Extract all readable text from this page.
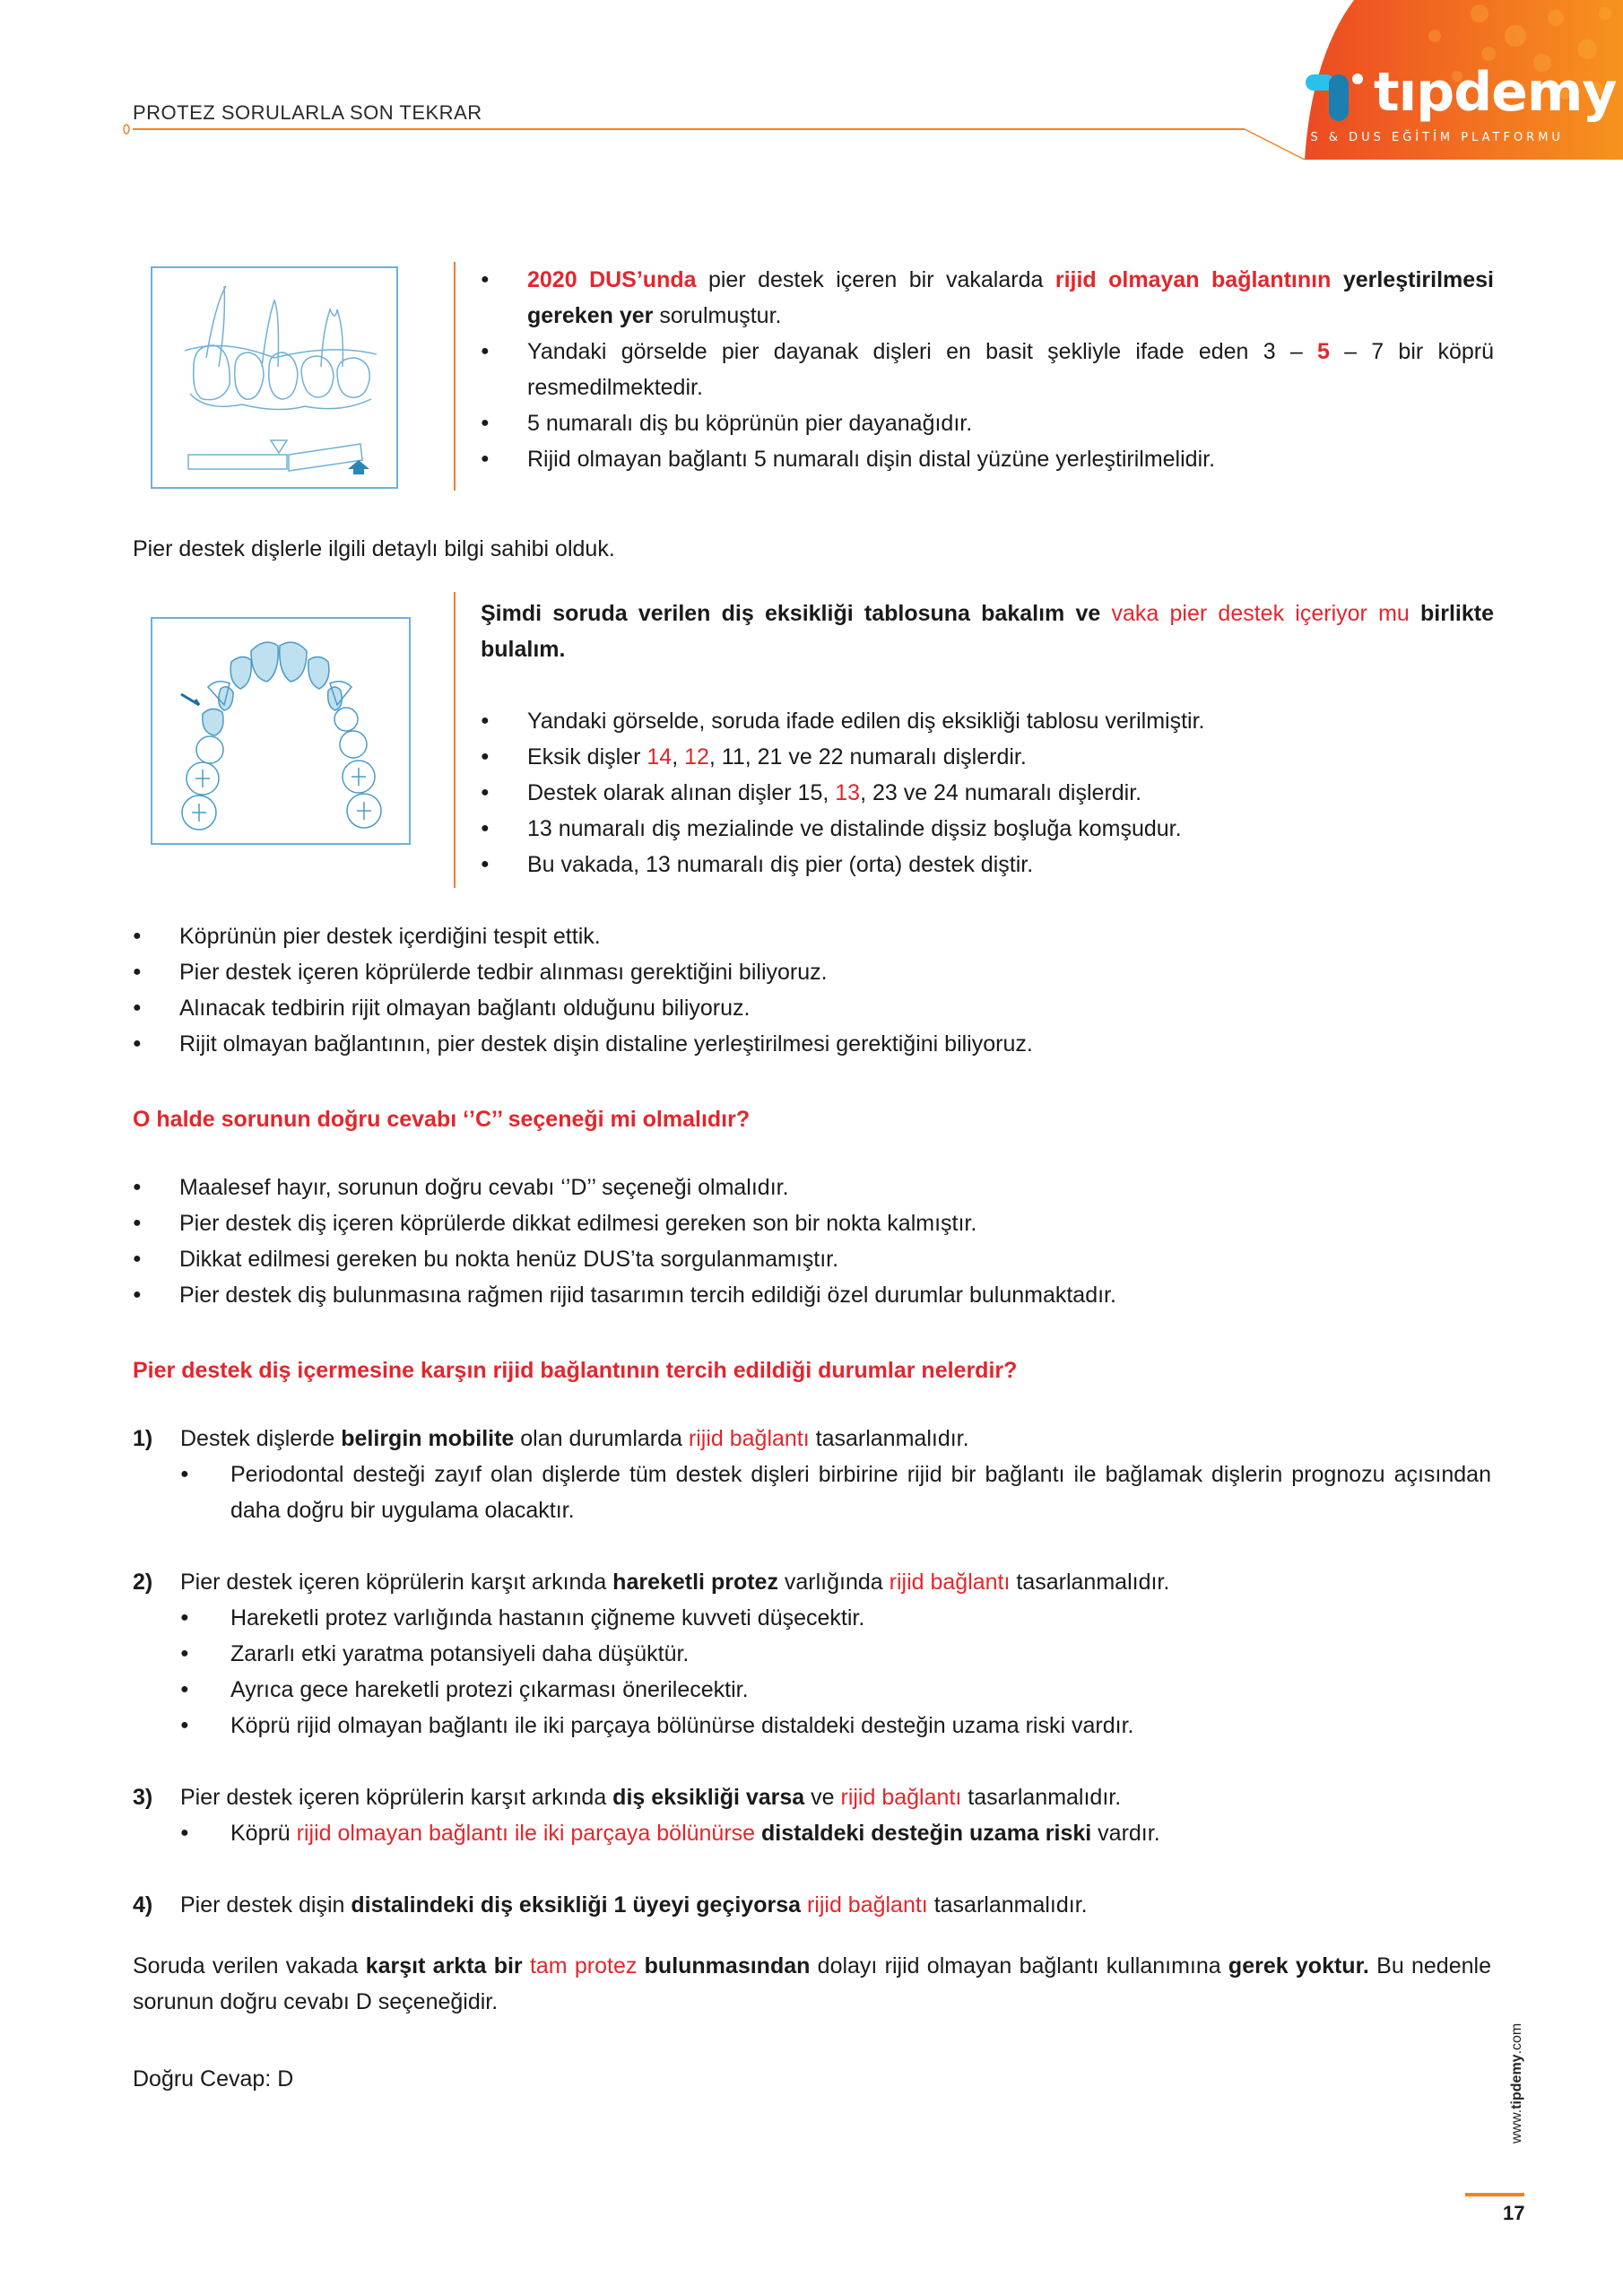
PROTEZ SORULARLA SON TEKRAR	tıpdemy
TUS & DUS EĞİTİM PLATFORMU
● 2020 DUS’unda pier destek içeren bir vakalarda rijid olmayan bağlantının yerleştirilmesi gereken yer sorulmuştur.
● Yandaki görselde pier dayanak dişleri en basit şekliyle ifade eden 3 – 5 – 7 bir köprü resmedilmektedir.
● 5 numaralı diş bu köprünün pier dayanağıdır.
● Rijid olmayan bağlantı 5 numaralı dişin distal yüzüne yerleştirilmelidir.
Pier destek dişlerle ilgili detaylı bilgi sahibi olduk.
Şimdi soruda verilen diş eksikliği tablosuna bakalım ve vaka pier destek içeriyor mu birlikte bulalım.
● Yandaki görselde, soruda ifade edilen diş eksikliği tablosu verilmiştir.
● Eksik dişler 14, 12, 11, 21 ve 22 numaralı dişlerdir.
● Destek olarak alınan dişler 15, 13, 23 ve 24 numaralı dişlerdir.
● 13 numaralı diş mezialinde ve distalinde dişsiz boşluğa komşudur.
● Bu vakada, 13 numaralı diş pier (orta) destek diştir.
● Köprünün pier destek içerdiğini tespit ettik.
● Pier destek içeren köprülerde tedbir alınması gerektiğini biliyoruz.
● Alınacak tedbirin rijit olmayan bağlantı olduğunu biliyoruz.
● Rijit olmayan bağlantının, pier destek dişin distaline yerleştirilmesi gerektiğini biliyoruz.
O halde sorunun doğru cevabı ‘’C’’ seçeneği mi olmalıdır?
● Maalesef hayır, sorunun doğru cevabı ‘’D’’ seçeneği olmalıdır.
● Pier destek diş içeren köprülerde dikkat edilmesi gereken son bir nokta kalmıştır.
● Dikkat edilmesi gereken bu nokta henüz DUS’ta sorgulanmamıştır.
● Pier destek diş bulunmasına rağmen rijid tasarımın tercih edildiği özel durumlar bulunmaktadır.
Pier destek diş içermesine karşın rijid bağlantının tercih edildiği durumlar nelerdir?
1) Destek dişlerde belirgin mobilite olan durumlarda rijid bağlantı tasarlanmalıdır.
● Periodontal desteği zayıf olan dişlerde tüm destek dişleri birbirine rijid bir bağlantı ile bağlamak dişlerin prognozu açısından daha doğru bir uygulama olacaktır.
2) Pier destek içeren köprülerin karşıt arkında hareketli protez varlığında rijid bağlantı tasarlanmalıdır.
● Hareketli protez varlığında hastanın çiğneme kuvveti düşecektir.
● Zararlı etki yaratma potansiyeli daha düşüktür.
● Ayrıca gece hareketli protezi çıkarması önerilecektir.
● Köprü rijid olmayan bağlantı ile iki parçaya bölünürse distaldeki desteğin uzama riski vardır.
3) Pier destek içeren köprülerin karşıt arkında diş eksikliği varsa ve rijid bağlantı tasarlanmalıdır.
● Köprü rijid olmayan bağlantı ile iki parçaya bölünürse distaldeki desteğin uzama riski vardır.
4) Pier destek dişin distalindeki diş eksikliği 1 üyeyi geçiyorsa rijid bağlantı tasarlanmalıdır.
Soruda verilen vakada karşıt arkta bir tam protez bulunmasından dolayı rijid olmayan bağlantı kullanımına gerek yoktur. Bu nedenle sorunun doğru cevabı D seçeneğidir.
Doğru Cevap: D
www.tipdemy.com
17
